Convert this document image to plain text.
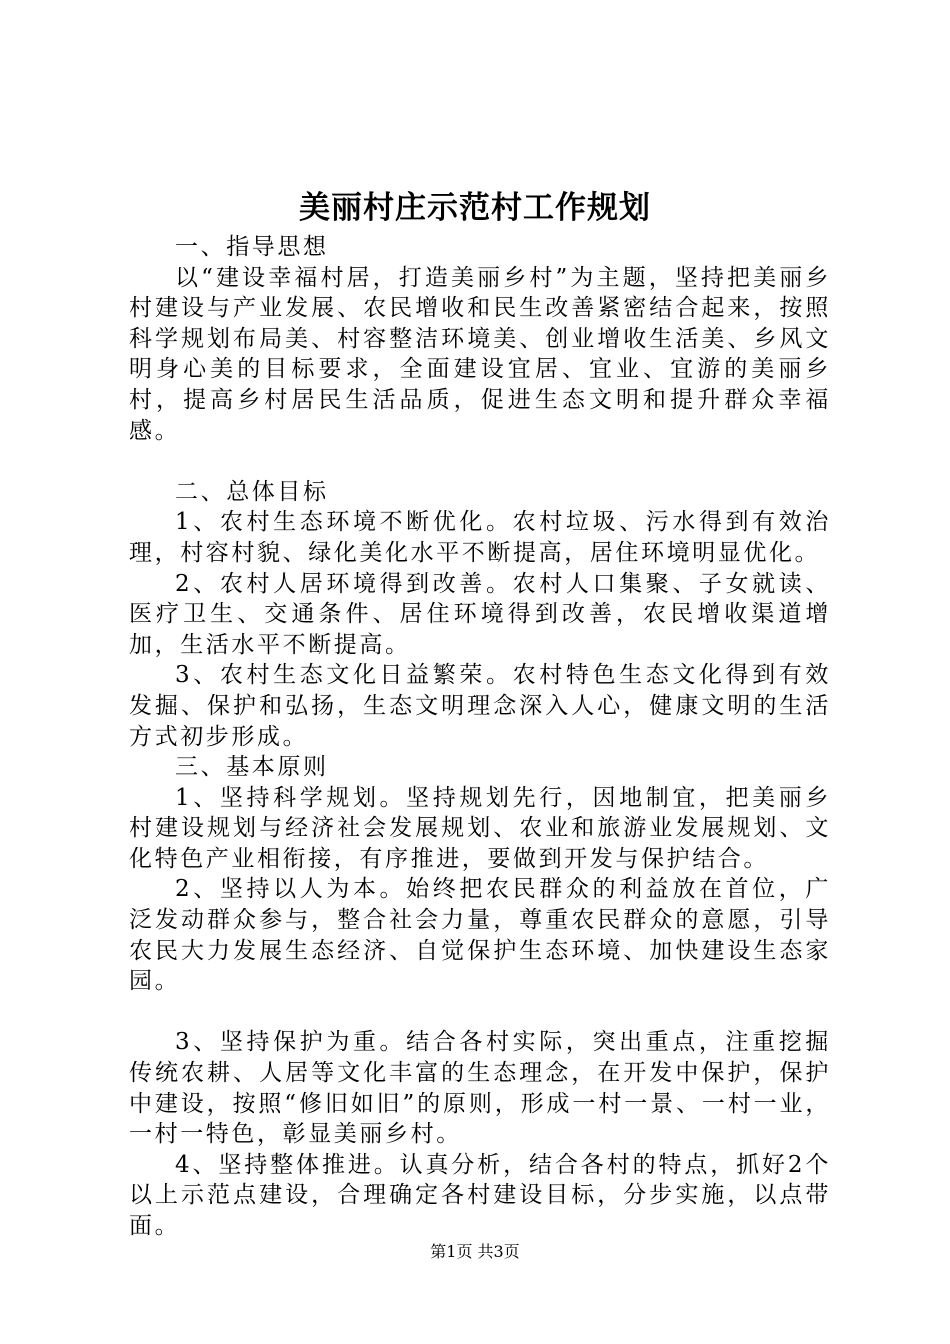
美丽村庄示范村工作规划

一、指导思想

以“建设幸福村居，打造美丽乡村”为主题，坚持把美丽乡村建设与产业发展、农民增收和民生改善紧密结合起来，按照科学规划布局美、村容整洁环境美、创业增收生活美、乡风文明身心美的目标要求，全面建设宜居、宜业、宜游的美丽乡村，提高乡村居民生活品质，促进生态文明和提升群众幸福感。

二、总体目标

1、农村生态环境不断优化。农村垃圾、污水得到有效治理，村容村貌、绿化美化水平不断提高，居住环境明显优化。

2、农村人居环境得到改善。农村人口集聚、子女就读、医疗卫生、交通条件、居住环境得到改善，农民增收渠道增加，生活水平不断提高。

3、农村生态文化日益繁荣。农村特色生态文化得到有效发掘、保护和弘扬，生态文明理念深入人心，健康文明的生活方式初步形成。

三、基本原则

1、坚持科学规划。坚持规划先行，因地制宜，把美丽乡村建设规划与经济社会发展规划、农业和旅游业发展规划、文化特色产业相衔接，有序推进，要做到开发与保护结合。

2、坚持以人为本。始终把农民群众的利益放在首位，广泛发动群众参与，整合社会力量，尊重农民群众的意愿，引导农民大力发展生态经济、自觉保护生态环境、加快建设生态家园。

3、坚持保护为重。结合各村实际，突出重点，注重挖掘传统农耕、人居等文化丰富的生态理念，在开发中保护，保护中建设，按照“修旧如旧”的原则，形成一村一景、一村一业，一村一特色，彰显美丽乡村。

4、坚持整体推进。认真分析，结合各村的特点，抓好2个以上示范点建设，合理确定各村建设目标，分步实施，以点带面。

第1页 共3页
